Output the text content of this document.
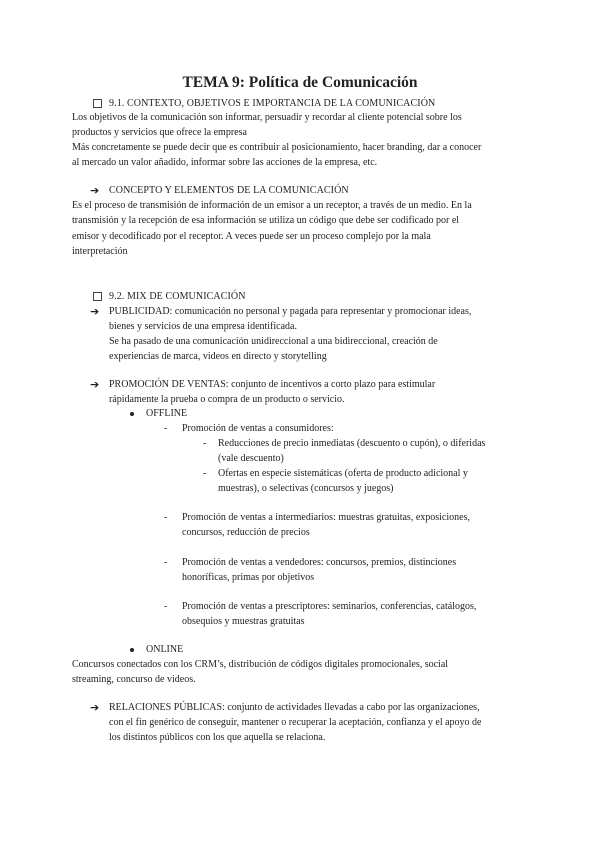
TEMA 9: Política de Comunicación
9.1. CONTEXTO, OBJETIVOS E IMPORTANCIA DE LA COMUNICACIÓN
Los objetivos de la comunicación son informar, persuadir y recordar al cliente potencial sobre los
productos y servicios que ofrece la empresa
Más concretamente se puede decir que es contribuir al posicionamiento, hacer branding, dar a conocer
al mercado un valor añadido, informar sobre las acciones de la empresa, etc.
➔ CONCEPTO Y ELEMENTOS DE LA COMUNICACIÓN
Es el proceso de transmisión de información de un emisor a un receptor, a través de un medio. En la
transmisión y la recepción de esa información se utiliza un código que debe ser codificado por el
emisor y decodificado por el receptor. A veces puede ser un proceso complejo por la mala
interpretación
9.2. MIX DE COMUNICACIÓN
➔ PUBLICIDAD: comunicación no personal y pagada para representar y promocionar ideas,
bienes y servicios de una empresa identificada.
Se ha pasado de una comunicación unidireccional a una bidireccional, creación de
experiencias de marca, videos en directo y storytelling
➔ PROMOCIÓN DE VENTAS: conjunto de incentivos a corto plazo para estimular
rápidamente la prueba o compra de un producto o servicio.
OFFLINE
- Promoción de ventas a consumidores:
- Reducciones de precio inmediatas (descuento o cupón), o diferidas
(vale descuento)
- Ofertas en especie sistemáticas (oferta de producto adicional y
muestras), o selectivas (concursos y juegos)
- Promoción de ventas a intermediarios: muestras gratuitas, exposiciones,
concursos, reducción de precios
- Promoción de ventas a vendedores: concursos, premios, distinciones
honoríficas, primas por objetivos
- Promoción de ventas a prescriptores: seminarios, conferencias, catálogos,
obsequios y muestras gratuitas
ONLINE
Concursos conectados con los CRM’s, distribución de códigos digitales promocionales, social
streaming, concurso de videos.
➔ RELACIONES PÚBLICAS: conjunto de actividades llevadas a cabo por las organizaciones,
con el fin genérico de conseguir, mantener o recuperar la aceptación, confianza y el apoyo de
los distintos públicos con los que aquella se relaciona.
